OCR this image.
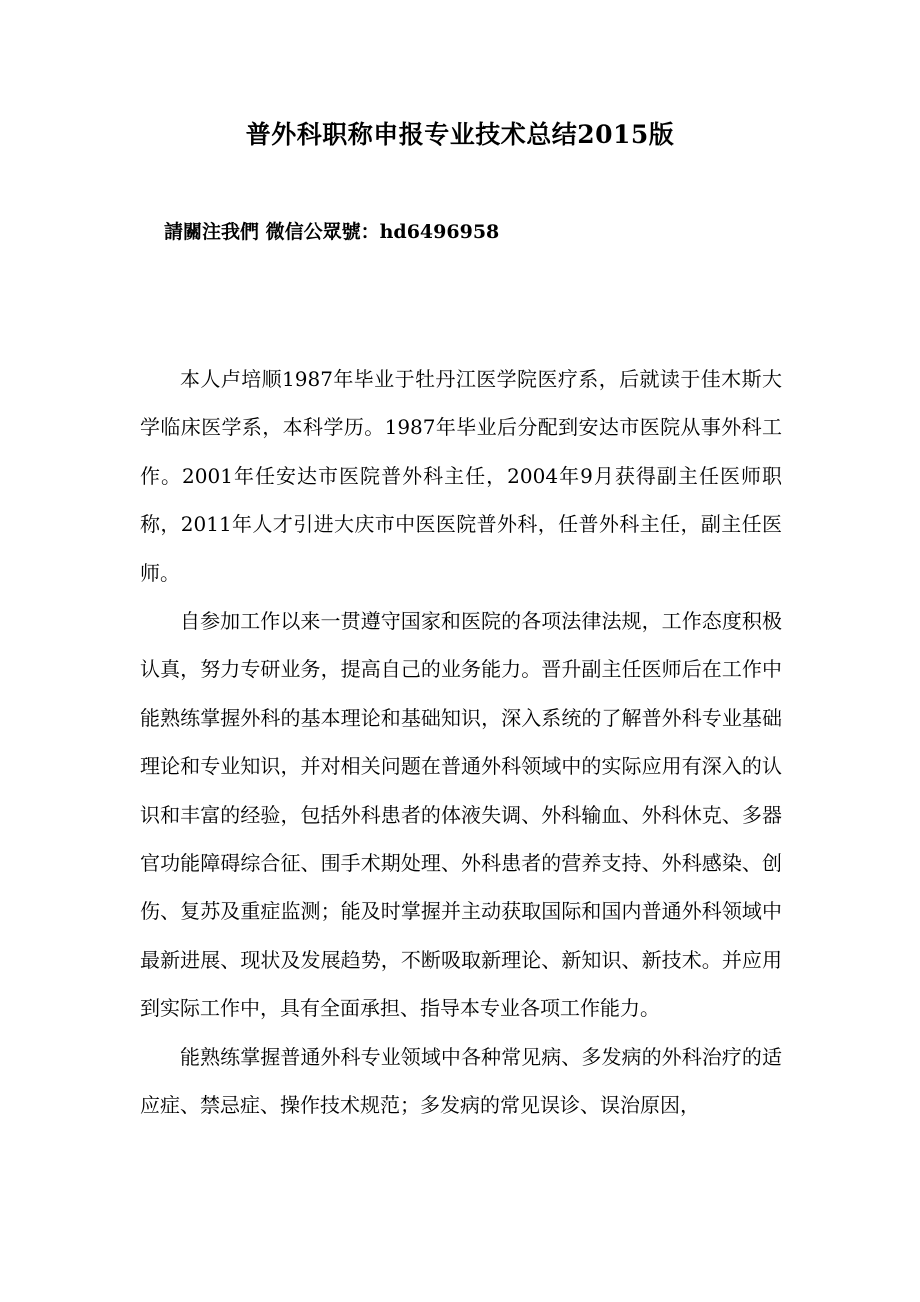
普外科职称申报专业技术总结2015版
請關注我們 微信公眾號：hd6496958

本人卢培顺1987年毕业于牡丹江医学院医疗系，后就读于佳木斯大学临床医学系，本科学历。1987年毕业后分配到安达市医院从事外科工作。2001年任安达市医院普外科主任，2004年9月获得副主任医师职称，2011年人才引进大庆市中医医院普外科，任普外科主任，副主任医师。

自参加工作以来一贯遵守国家和医院的各项法律法规，工作态度积极认真，努力专研业务，提高自己的业务能力。晋升副主任医师后在工作中能熟练掌握外科的基本理论和基础知识，深入系统的了解普外科专业基础理论和专业知识，并对相关问题在普通外科领域中的实际应用有深入的认识和丰富的经验，包括外科患者的体液失调、外科输血、外科休克、多器官功能障碍综合征、围手术期处理、外科患者的营养支持、外科感染、创伤、复苏及重症监测；能及时掌握并主动获取国际和国内普通外科领域中最新进展、现状及发展趋势，不断吸取新理论、新知识、新技术。并应用到实际工作中，具有全面承担、指导本专业各项工作能力。

能熟练掌握普通外科专业领域中各种常见病、多发病的外科治疗的适应症、禁忌症、操作技术规范；多发病的常见误诊、误治原因，
